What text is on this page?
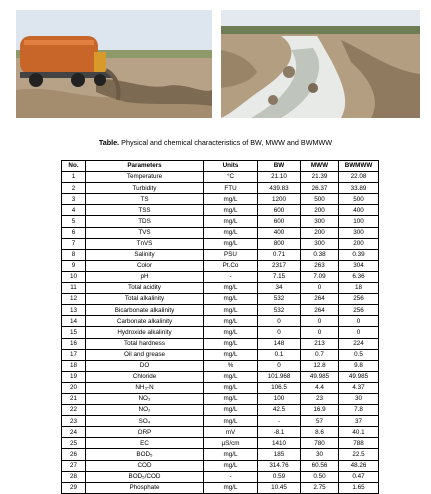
Table. Physical and chemical characteristics of BW, MWW and BWMWW
No.	Parameters	Units	BW	MWW	BWMWW
1	Temperature	°C	21.10	21.39	22.08
2	Turbidity	FTU	439.83	26.37	33.89
3	TS	mg/L	1200	500	500
4	TSS	mg/L	600	200	400
5	TDS	mg/L	600	300	100
6	TVS	mg/L	400	200	300
7	TnVS	mg/L	800	300	200
8	Salinity	PSU	0.71	0.38	0.39
9	Color	Pt.Co	2317	263	304
10	pH	-	7.15	7.09	6.36
11	Total acidity	mg/L	34	0	18
12	Total alkalinity	mg/L	532	264	256
13	Bicarbonate alkalinity	mg/L	532	264	256
14	Carbonate alkalinity	mg/L	0	0	0
15	Hydroxide alkalinity	mg/L	0	0	0
16	Total hardness	mg/L	148	213	224
17	Oil and grease	mg/L	0.1	0.7	0.5
18	DO	%	0	12.8	9.8
19	Chloride	mg/L	101.968	49.985	49.985
20	NH₃-N	mg/L	106.5	4.4	4.37
21	NO₃	mg/L	100	23	30
22	NO₂	mg/L	42.5	16.9	7.8
23	SO₄	mg/L	-	57	37
24	ORP	mV	-8.1	8.6	40.1
25	EC	µS/cm	1410	780	788
26	BOD₅	mg/L	185	30	22.5
27	COD	mg/L	314.76	60.56	48.26
28	BOD₅/COD	-	0.59	0.50	0.47
29	Phosphate	mg/L	10.45	2.75	1.65
